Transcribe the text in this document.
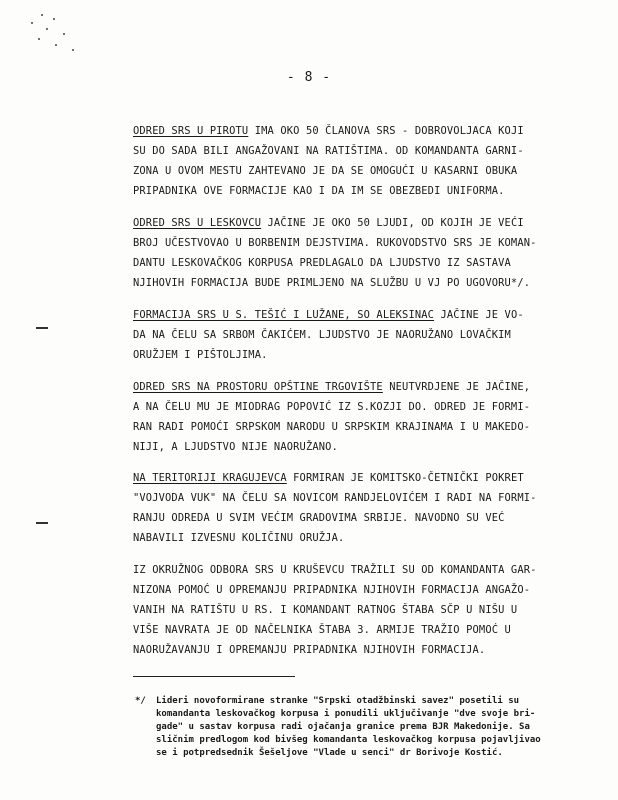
- 8 -
ODRED SRS U PIROTU IMA OKO 50 ČLANOVA SRS - DOBROVOLJACA KOJI
SU DO SADA BILI ANGAŽOVANI NA RATIŠTIMA. OD KOMANDANTA GARNI-
ZONA U OVOM MESTU ZAHTEVANO JE DA SE OMOGUĆI U KASARNI OBUKA
PRIPADNIKA OVE FORMACIJE KAO I DA IM SE OBEZBEDI UNIFORMA.
ODRED SRS U LESKOVCU JAČINE JE OKO 50 LJUDI, OD KOJIH JE VEĆI
BROJ UČESTVOVAO U BORBENIM DEJSTVIMA. RUKOVODSTVO SRS JE KOMAN-
DANTU LESKOVAČKOG KORPUSA PREDLAGALO DA LJUDSTVO IZ SASTAVA
NJIHOVIH FORMACIJA BUDE PRIMLJENO NA SLUŽBU U VJ PO UGOVORU*/.
FORMACIJA SRS U S. TEŠIĆ I LUŽANE, SO ALEKSINAC JAČINE JE VO-
DA NA ČELU SA SRBOM ČAKIĆEM. LJUDSTVO JE NAORUŽANO LOVAČKIM
ORUŽJEM I PIŠTOLJIMA.
ODRED SRS NA PROSTORU OPŠTINE TRGOVIŠTE NEUTVRDJENE JE JAČINE,
A NA ČELU MU JE MIODRAG POPOVIĆ IZ S.KOZJI DO. ODRED JE FORMI-
RAN RADI POMOĆI SRPSKOM NARODU U SRPSKIM KRAJINAMA I U MAKEDO-
NIJI, A LJUDSTVO NIJE NAORUŽANO.
NA TERITORIJI KRAGUJEVCA FORMIRAN JE KOMITSKO-ČETNIČKI POKRET
"VOJVODA VUK" NA ČELU SA NOVICOM RANDJELOVIĆEM I RADI NA FORMI-
RANJU ODREDA U SVIM VEĆIM GRADOVIMA SRBIJE. NAVODNO SU VEĆ
NABAVILI IZVESNU KOLIČINU ORUŽJA.
IZ OKRUŽNOG ODBORA SRS U KRUŠEVCU TRAŽILI SU OD KOMANDANTA GAR-
NIZONA POMOĆ U OPREMANJU PRIPADNIKA NJIHOVIH FORMACIJA ANGAŽO-
VANIH NA RATIŠTU U RS. I KOMANDANT RATNOG ŠTABA SČP U NIŠU U
VIŠE NAVRATA JE OD NAČELNIKA ŠTABA 3. ARMIJE TRAŽIO POMOĆ U
NAORUŽAVANJU I OPREMANJU PRIPADNIKA NJIHOVIH FORMACIJA.
*/ Lideri novoformirane stranke "Srpski otadžbinski savez" posetili su
komandanta leskovačkog korpusa i ponudili uključivanje "dve svoje bri-
gade" u sastav korpusa radi ojačanja granice prema BJR Makedonije. Sa
sličnim predlogom kod bivšeg komandanta leskovačkog korpusa pojavljivao
se i potpredsednik Šešeljove "Vlade u senci" dr Borivoje Kostić.
